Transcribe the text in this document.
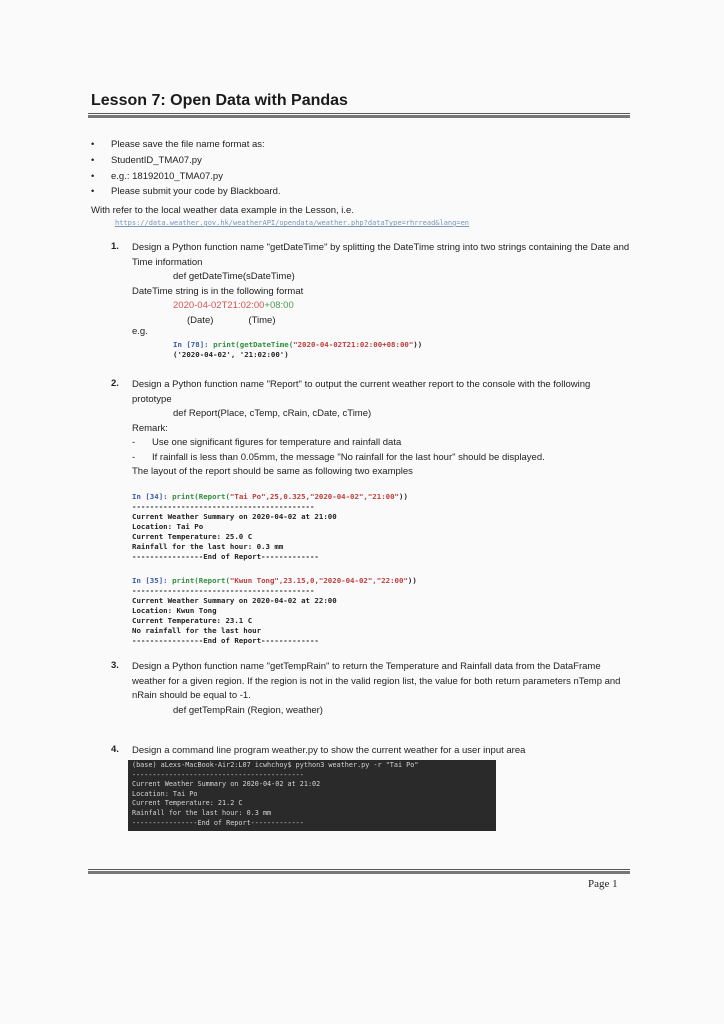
Lesson 7: Open Data with Pandas
•	Please save the file name format as:
•	StudentID_TMA07.py
•	e.g.: 18192010_TMA07.py
•	Please submit your code by Blackboard.
With refer to the local weather data example in the Lesson, i.e.
https://data.weather.gov.hk/weatherAPI/opendata/weather.php?dataType=rhrread&lang=en
1. Design a Python function name "getDateTime" by splitting the DateTime string into two strings containing the Date and Time information
def getDateTime(sDateTime)
DateTime string is in the following format
2020-04-02T21:02:00+08:00
(Date)	(Time)
e.g.
In [78]: print(getDateTime("2020-04-02T21:02:00+08:00"))
('2020-04-02', '21:02:00')
2. Design a Python function name "Report" to output the current weather report to the console with the following prototype
def Report(Place, cTemp, cRain, cDate, cTime)
Remark:
- Use one significant figures for temperature and rainfall data
- If rainfall is less than 0.05mm, the message "No rainfall for the last hour" should be displayed.
The layout of the report should be same as following two examples
In [34]: print(Report("Tai Po",25,0.325,"2020-04-02","21:00"))
-----------------------------------------
Current Weather Summary on 2020-04-02 at 21:00
Location: Tai Po
Current Temperature: 25.0 C
Rainfall for the last hour: 0.3 mm
----------------End of Report-------------
In [35]: print(Report("Kwun Tong",23.15,0,"2020-04-02","22:00"))
-----------------------------------------
Current Weather Summary on 2020-04-02 at 22:00
Location: Kwun Tong
Current Temperature: 23.1 C
No rainfall for the last hour
----------------End of Report-------------
3. Design a Python function name "getTempRain" to return the Temperature and Rainfall data from the DataFrame weather for a given region. If the region is not in the valid region list, the value for both return parameters nTemp and nRain should be equal to -1.
def getTempRain (Region, weather)
4. Design a command line program weather.py to show the current weather for a user input area
(base) aLexs-MacBook-Air2:L07 icwhchoy$ python3 weather.py -r "Tai Po"
------------------------------------------
Current Weather Summary on 2020-04-02 at 21:02
Location: Tai Po
Current Temperature: 21.2 C
Rainfall for the last hour: 0.3 mm
----------------End of Report-------------
Page 1
